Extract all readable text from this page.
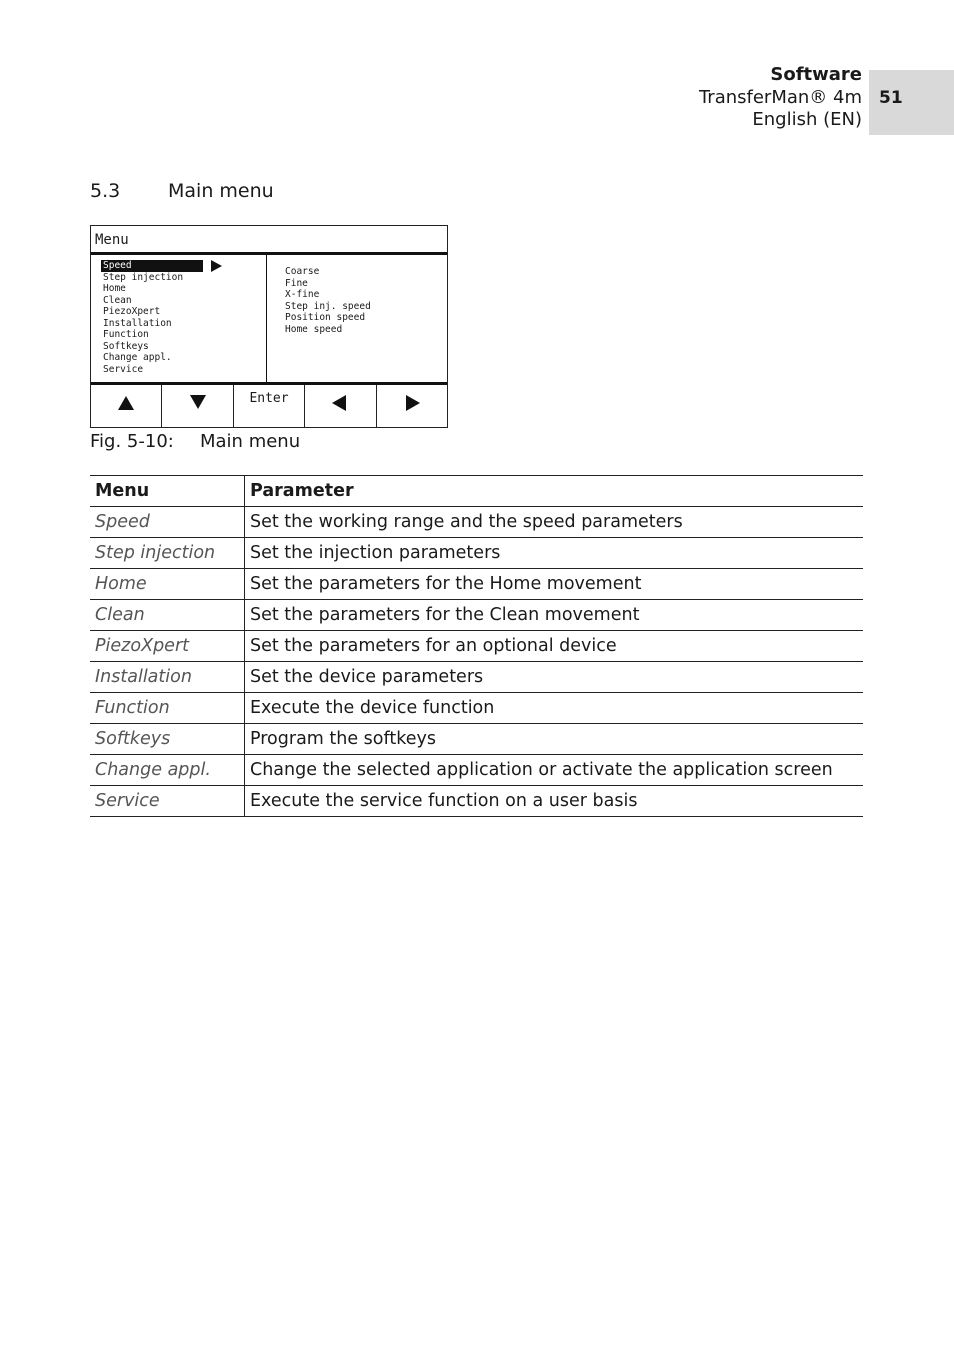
Software
TransferMan® 4m
English (EN)
51
5.3	Main menu
Menu
Speed
Step injection
Home
Clean
PiezoXpert
Installation
Function
Softkeys
Change appl.
Service
Coarse
Fine
X-fine
Step inj. speed
Position speed
Home speed
Enter
Fig. 5-10: Main menu
Menu	Parameter
Speed	Set the working range and the speed parameters
Step injection	Set the injection parameters
Home	Set the parameters for the Home movement
Clean	Set the parameters for the Clean movement
PiezoXpert	Set the parameters for an optional device
Installation	Set the device parameters
Function	Execute the device function
Softkeys	Program the softkeys
Change appl.	Change the selected application or activate the application screen
Service	Execute the service function on a user basis
